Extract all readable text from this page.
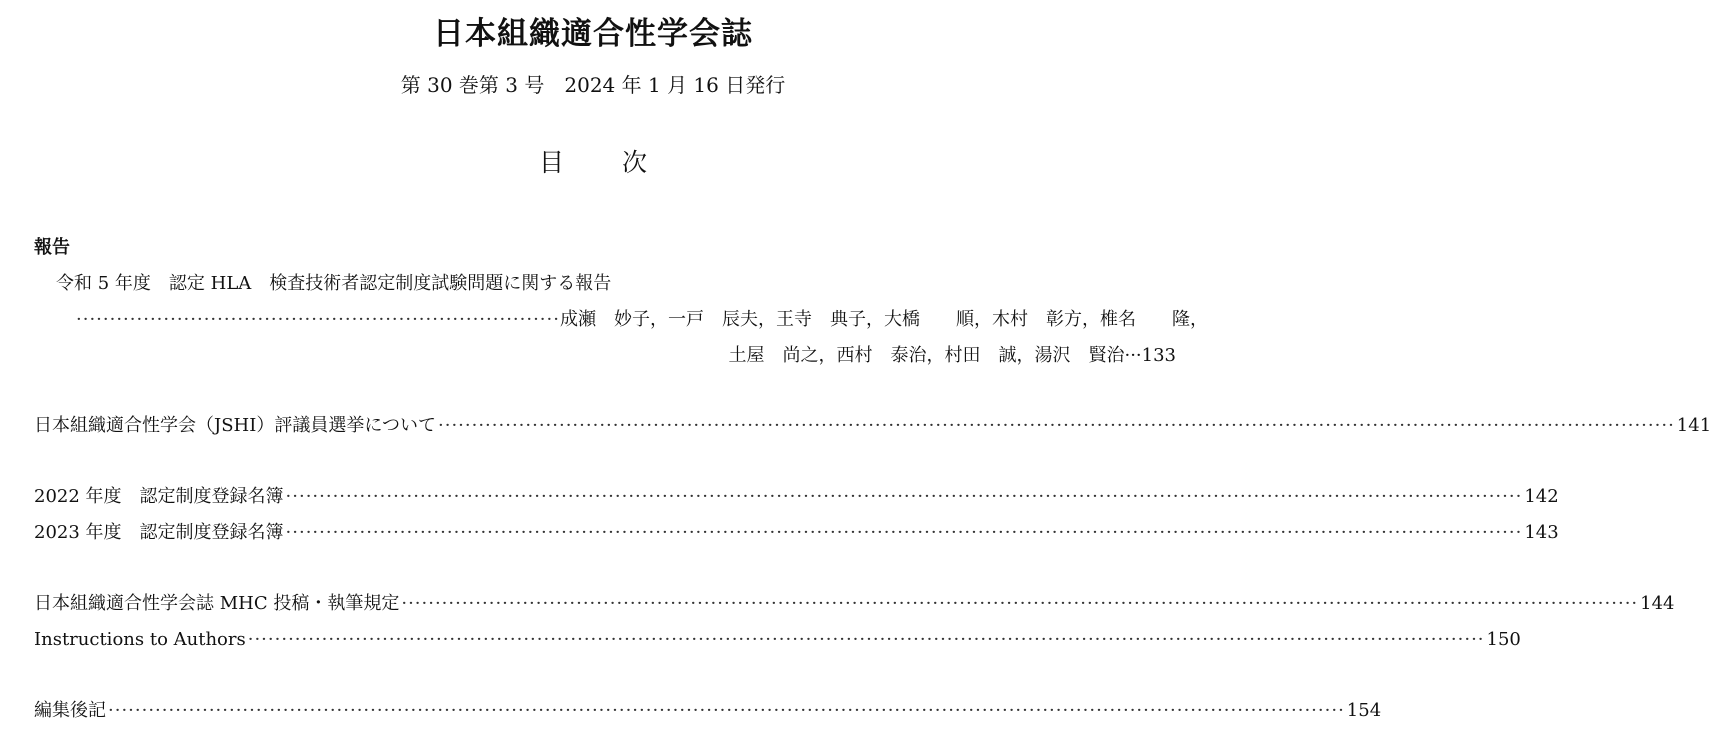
日本組織適合性学会誌
第 30 巻第 3 号　2024 年 1 月 16 日発行
目 次
報告
令和 5 年度　認定 HLA　検査技術者認定制度試験問題に関する報告
········································································ 成瀬　妙子，一戸　辰夫，王寺　典子，大橋　　順，木村　彰方，椎名　　隆，
土屋　尚之，西村　泰治，村田　誠，湯沢　賢治···133
日本組織適合性学会（JSHI）評議員選挙について ························································································································································································ 141
2022 年度　認定制度登録名簿 ························································································································································································ 142
2023 年度　認定制度登録名簿 ························································································································································································ 143
日本組織適合性学会誌 MHC 投稿・執筆規定 ························································································································································································ 144
Instructions to Authors ························································································································································································ 150
編集後記 ························································································································································································ 154
